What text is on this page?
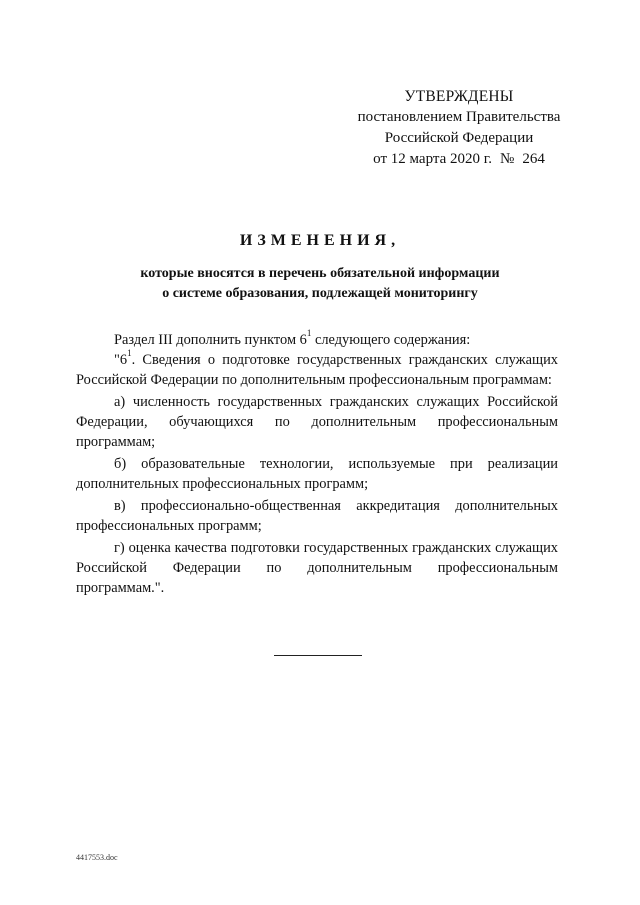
УТВЕРЖДЕНЫ
постановлением Правительства
Российской Федерации
от 12 марта 2020 г. № 264
ИЗМЕНЕНИЯ,
которые вносятся в перечень обязательной информации
о системе образования, подлежащей мониторингу

Раздел III дополнить пунктом $6^1$ следующего содержания:

"$6^1$. Сведения о подготовке государственных гражданских служащих Российской Федерации по дополнительным профессиональным программам:

а) численность государственных гражданских служащих Российской Федерации, обучающихся по дополнительным профессиональным программам;

б) образовательные технологии, используемые при реализации дополнительных профессиональных программ;

в) профессионально-общественная аккредитация дополнительных профессиональных программ;

г) оценка качества подготовки государственных гражданских служащих Российской Федерации по дополнительным профессиональным программам.".

4417553.doc
